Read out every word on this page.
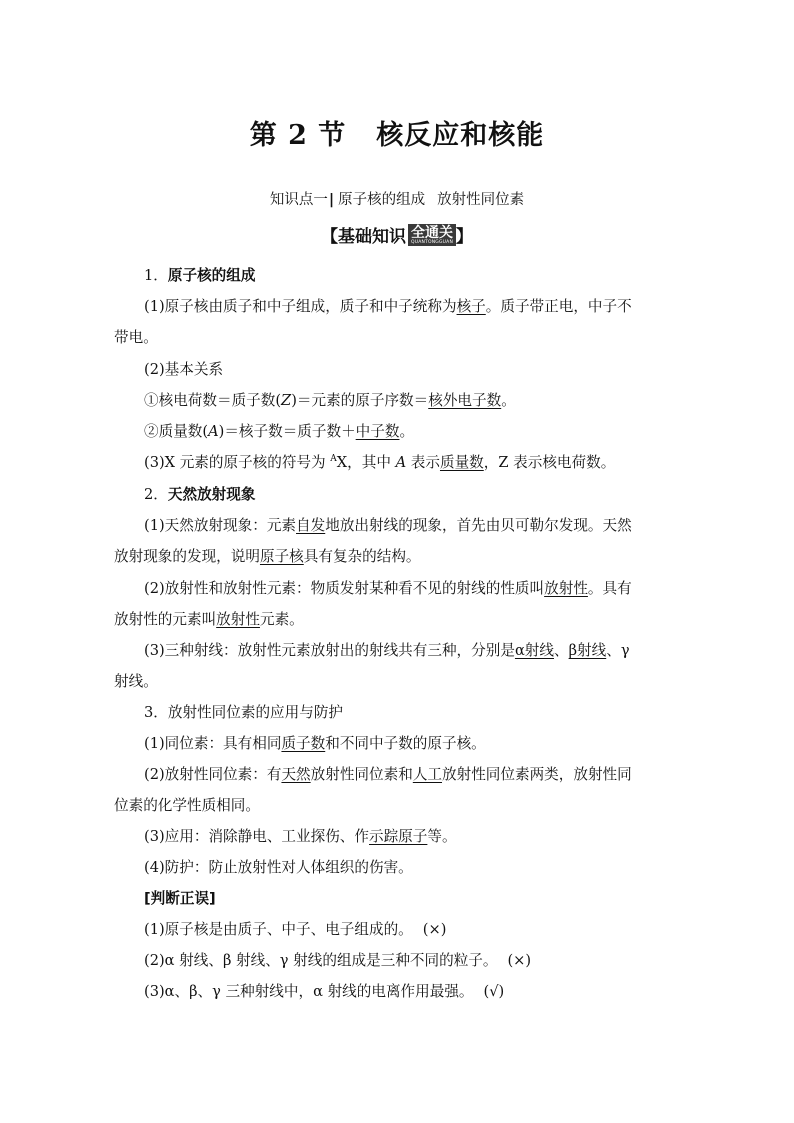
第 2 节 核反应和核能
知识点一| 原子核的组成 放射性同位素
【基础知识 全通关
QUANTONGGUAN 】
1．原子核的组成
(1)原子核由质子和中子组成，质子和中子统称为核子。质子带正电，中子不
带电。
(2)基本关系
①核电荷数＝质子数(Z)＝元素的原子序数＝核外电子数。
②质量数(A)＝核子数＝质子数＋中子数。
(3)X 元素的原子核的符号为 $^A$X，其中 A 表示质量数，Z 表示核电荷数。
2．天然放射现象
(1)天然放射现象：元素自发地放出射线的现象，首先由贝可勒尔发现。天然
放射现象的发现，说明原子核具有复杂的结构。
(2)放射性和放射性元素：物质发射某种看不见的射线的性质叫放射性。具有
放射性的元素叫放射性元素。
(3)三种射线：放射性元素放射出的射线共有三种，分别是α射线、β射线、γ
射线。
3．放射性同位素的应用与防护
(1)同位素：具有相同质子数和不同中子数的原子核。
(2)放射性同位素：有天然放射性同位素和人工放射性同位素两类，放射性同
位素的化学性质相同。
(3)应用：消除静电、工业探伤、作示踪原子等。
(4)防护：防止放射性对人体组织的伤害。
[判断正误]
(1)原子核是由质子、中子、电子组成的。 (×)
(2)α 射线、β 射线、γ 射线的组成是三种不同的粒子。 (×)
(3)α、β、γ 三种射线中，α 射线的电离作用最强。 (√)
